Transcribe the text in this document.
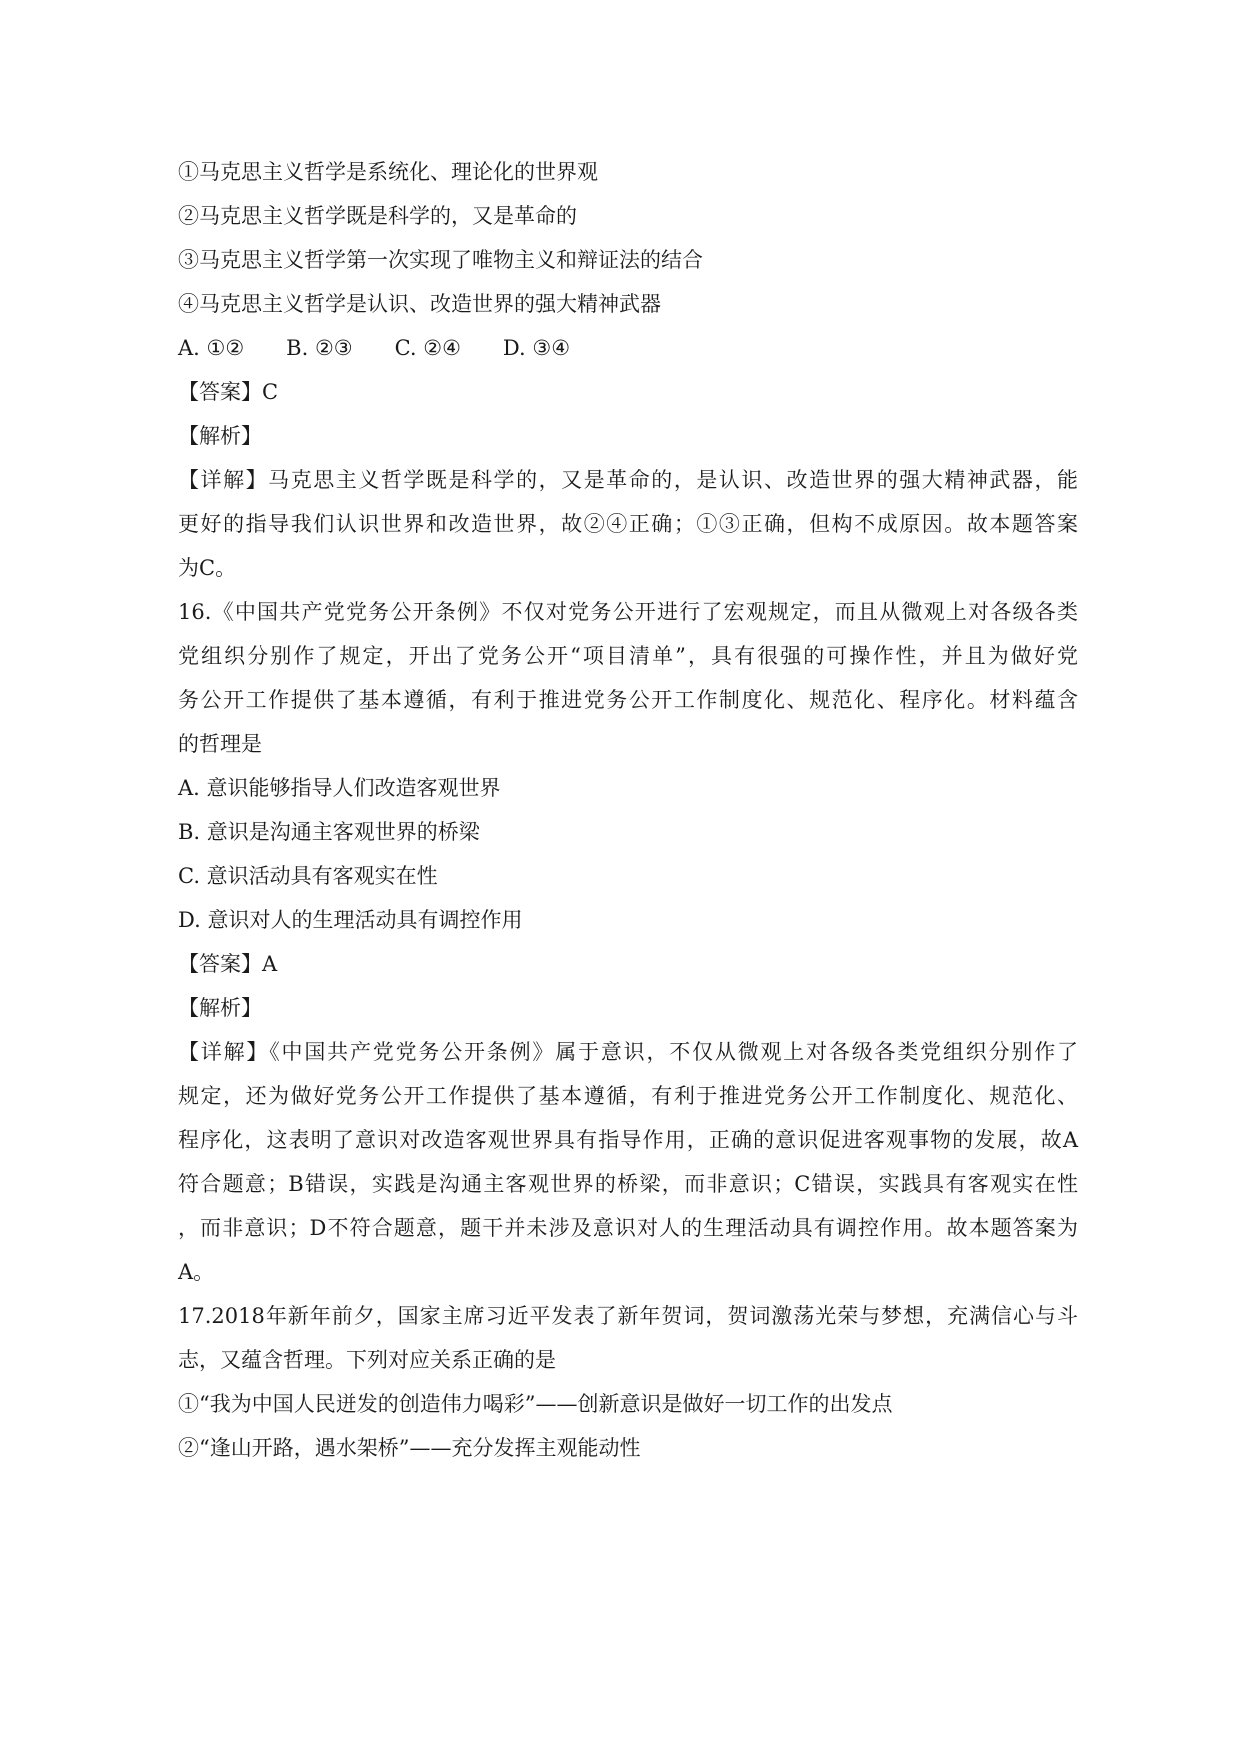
①马克思主义哲学是系统化、理论化的世界观
②马克思主义哲学既是科学的，又是革命的
③马克思主义哲学第一次实现了唯物主义和辩证法的结合
④马克思主义哲学是认识、改造世界的强大精神武器
A. ①②　　B. ②③　　C. ②④　　D. ③④
【答案】C
【解析】
【详解】马克思主义哲学既是科学的，又是革命的，是认识、改造世界的强大精神武器，能
更好的指导我们认识世界和改造世界，故②④正确；①③正确，但构不成原因。故本题答案
为C。
16.《中国共产党党务公开条例》不仅对党务公开进行了宏观规定，而且从微观上对各级各类
党组织分别作了规定，开出了党务公开“项目清单”，具有很强的可操作性，并且为做好党
务公开工作提供了基本遵循，有利于推进党务公开工作制度化、规范化、程序化。材料蕴含
的哲理是
A. 意识能够指导人们改造客观世界
B. 意识是沟通主客观世界的桥梁
C. 意识活动具有客观实在性
D. 意识对人的生理活动具有调控作用
【答案】A
【解析】
【详解】《中国共产党党务公开条例》属于意识，不仅从微观上对各级各类党组织分别作了
规定，还为做好党务公开工作提供了基本遵循，有利于推进党务公开工作制度化、规范化、
程序化，这表明了意识对改造客观世界具有指导作用，正确的意识促进客观事物的发展，故A
符合题意；B错误，实践是沟通主客观世界的桥梁，而非意识；C错误，实践具有客观实在性
，而非意识；D不符合题意，题干并未涉及意识对人的生理活动具有调控作用。故本题答案为
A。
17.2018年新年前夕，国家主席习近平发表了新年贺词，贺词激荡光荣与梦想，充满信心与斗
志，又蕴含哲理。下列对应关系正确的是
①“我为中国人民迸发的创造伟力喝彩”——创新意识是做好一切工作的出发点
②“逢山开路，遇水架桥”——充分发挥主观能动性
